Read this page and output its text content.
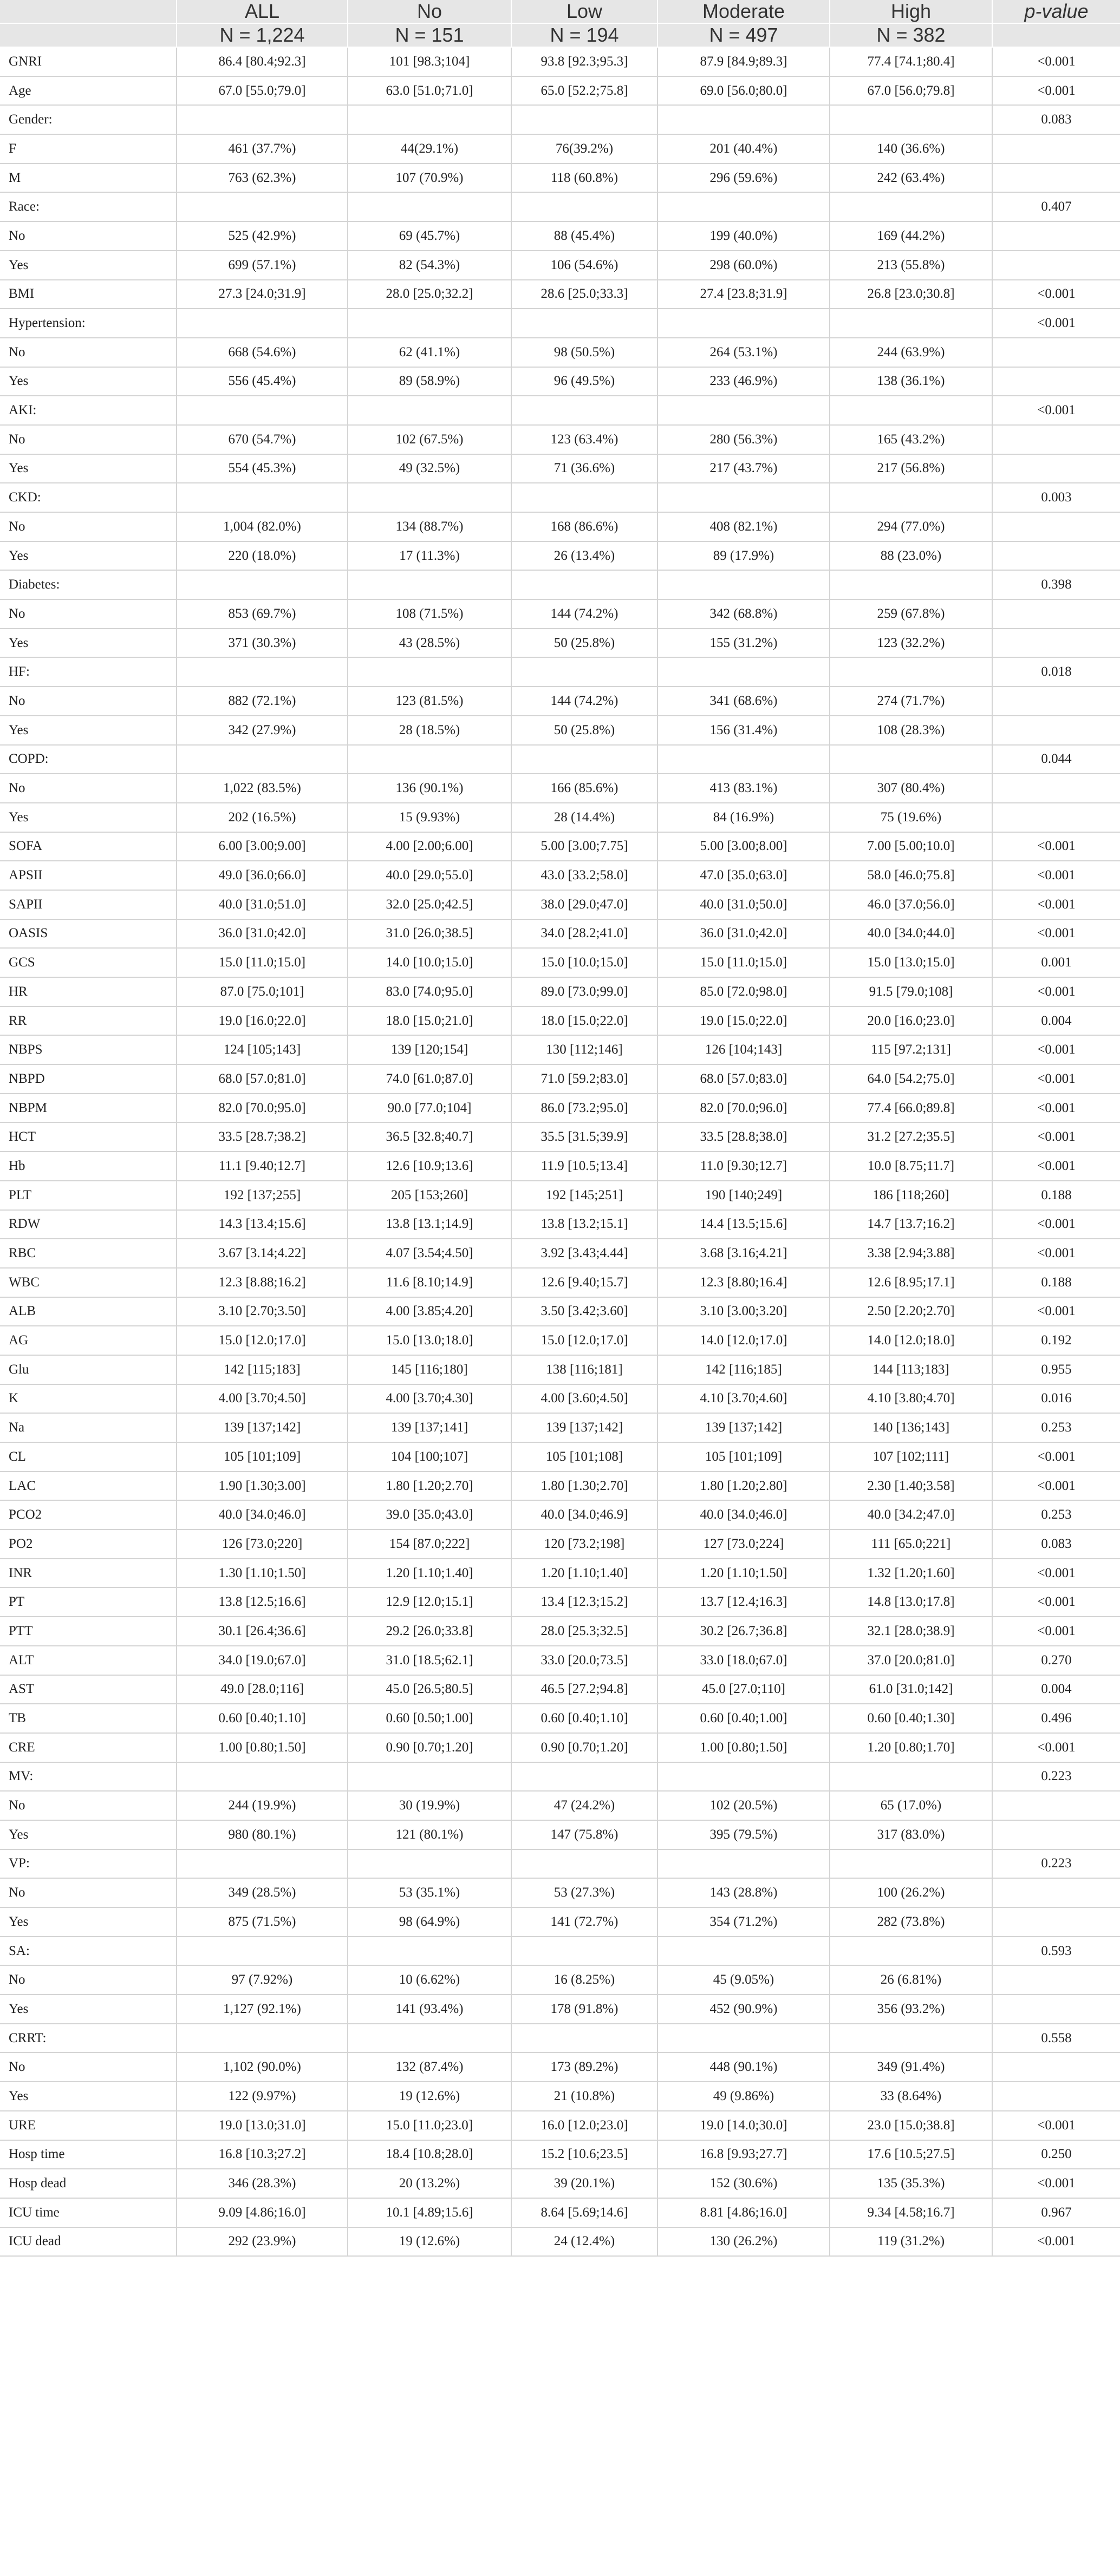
	ALL	No	Low	Moderate	High	p-value
	N = 1,224	N = 151	N = 194	N = 497	N = 382	
GNRI	86.4 [80.4;92.3]	101 [98.3;104]	93.8 [92.3;95.3]	87.9 [84.9;89.3]	77.4 [74.1;80.4]	<0.001
Age	67.0 [55.0;79.0]	63.0 [51.0;71.0]	65.0 [52.2;75.8]	69.0 [56.0;80.0]	67.0 [56.0;79.8]	<0.001
Gender:						0.083
F	461 (37.7%)	44(29.1%)	76(39.2%)	201 (40.4%)	140 (36.6%)	
M	763 (62.3%)	107 (70.9%)	118 (60.8%)	296 (59.6%)	242 (63.4%)	
Race:						0.407
No	525 (42.9%)	69 (45.7%)	88 (45.4%)	199 (40.0%)	169 (44.2%)	
Yes	699 (57.1%)	82 (54.3%)	106 (54.6%)	298 (60.0%)	213 (55.8%)	
BMI	27.3 [24.0;31.9]	28.0 [25.0;32.2]	28.6 [25.0;33.3]	27.4 [23.8;31.9]	26.8 [23.0;30.8]	<0.001
Hypertension:						<0.001
No	668 (54.6%)	62 (41.1%)	98 (50.5%)	264 (53.1%)	244 (63.9%)	
Yes	556 (45.4%)	89 (58.9%)	96 (49.5%)	233 (46.9%)	138 (36.1%)	
AKI:						<0.001
No	670 (54.7%)	102 (67.5%)	123 (63.4%)	280 (56.3%)	165 (43.2%)	
Yes	554 (45.3%)	49 (32.5%)	71 (36.6%)	217 (43.7%)	217 (56.8%)	
CKD:						0.003
No	1,004 (82.0%)	134 (88.7%)	168 (86.6%)	408 (82.1%)	294 (77.0%)	
Yes	220 (18.0%)	17 (11.3%)	26 (13.4%)	89 (17.9%)	88 (23.0%)	
Diabetes:						0.398
No	853 (69.7%)	108 (71.5%)	144 (74.2%)	342 (68.8%)	259 (67.8%)	
Yes	371 (30.3%)	43 (28.5%)	50 (25.8%)	155 (31.2%)	123 (32.2%)	
HF:						0.018
No	882 (72.1%)	123 (81.5%)	144 (74.2%)	341 (68.6%)	274 (71.7%)	
Yes	342 (27.9%)	28 (18.5%)	50 (25.8%)	156 (31.4%)	108 (28.3%)	
COPD:						0.044
No	1,022 (83.5%)	136 (90.1%)	166 (85.6%)	413 (83.1%)	307 (80.4%)	
Yes	202 (16.5%)	15 (9.93%)	28 (14.4%)	84 (16.9%)	75 (19.6%)	
SOFA	6.00 [3.00;9.00]	4.00 [2.00;6.00]	5.00 [3.00;7.75]	5.00 [3.00;8.00]	7.00 [5.00;10.0]	<0.001
APSII	49.0 [36.0;66.0]	40.0 [29.0;55.0]	43.0 [33.2;58.0]	47.0 [35.0;63.0]	58.0 [46.0;75.8]	<0.001
SAPII	40.0 [31.0;51.0]	32.0 [25.0;42.5]	38.0 [29.0;47.0]	40.0 [31.0;50.0]	46.0 [37.0;56.0]	<0.001
OASIS	36.0 [31.0;42.0]	31.0 [26.0;38.5]	34.0 [28.2;41.0]	36.0 [31.0;42.0]	40.0 [34.0;44.0]	<0.001
GCS	15.0 [11.0;15.0]	14.0 [10.0;15.0]	15.0 [10.0;15.0]	15.0 [11.0;15.0]	15.0 [13.0;15.0]	0.001
HR	87.0 [75.0;101]	83.0 [74.0;95.0]	89.0 [73.0;99.0]	85.0 [72.0;98.0]	91.5 [79.0;108]	<0.001
RR	19.0 [16.0;22.0]	18.0 [15.0;21.0]	18.0 [15.0;22.0]	19.0 [15.0;22.0]	20.0 [16.0;23.0]	0.004
NBPS	124 [105;143]	139 [120;154]	130 [112;146]	126 [104;143]	115 [97.2;131]	<0.001
NBPD	68.0 [57.0;81.0]	74.0 [61.0;87.0]	71.0 [59.2;83.0]	68.0 [57.0;83.0]	64.0 [54.2;75.0]	<0.001
NBPM	82.0 [70.0;95.0]	90.0 [77.0;104]	86.0 [73.2;95.0]	82.0 [70.0;96.0]	77.4 [66.0;89.8]	<0.001
HCT	33.5 [28.7;38.2]	36.5 [32.8;40.7]	35.5 [31.5;39.9]	33.5 [28.8;38.0]	31.2 [27.2;35.5]	<0.001
Hb	11.1 [9.40;12.7]	12.6 [10.9;13.6]	11.9 [10.5;13.4]	11.0 [9.30;12.7]	10.0 [8.75;11.7]	<0.001
PLT	192 [137;255]	205 [153;260]	192 [145;251]	190 [140;249]	186 [118;260]	0.188
RDW	14.3 [13.4;15.6]	13.8 [13.1;14.9]	13.8 [13.2;15.1]	14.4 [13.5;15.6]	14.7 [13.7;16.2]	<0.001
RBC	3.67 [3.14;4.22]	4.07 [3.54;4.50]	3.92 [3.43;4.44]	3.68 [3.16;4.21]	3.38 [2.94;3.88]	<0.001
WBC	12.3 [8.88;16.2]	11.6 [8.10;14.9]	12.6 [9.40;15.7]	12.3 [8.80;16.4]	12.6 [8.95;17.1]	0.188
ALB	3.10 [2.70;3.50]	4.00 [3.85;4.20]	3.50 [3.42;3.60]	3.10 [3.00;3.20]	2.50 [2.20;2.70]	<0.001
AG	15.0 [12.0;17.0]	15.0 [13.0;18.0]	15.0 [12.0;17.0]	14.0 [12.0;17.0]	14.0 [12.0;18.0]	0.192
Glu	142 [115;183]	145 [116;180]	138 [116;181]	142 [116;185]	144 [113;183]	0.955
K	4.00 [3.70;4.50]	4.00 [3.70;4.30]	4.00 [3.60;4.50]	4.10 [3.70;4.60]	4.10 [3.80;4.70]	0.016
Na	139 [137;142]	139 [137;141]	139 [137;142]	139 [137;142]	140 [136;143]	0.253
CL	105 [101;109]	104 [100;107]	105 [101;108]	105 [101;109]	107 [102;111]	<0.001
LAC	1.90 [1.30;3.00]	1.80 [1.20;2.70]	1.80 [1.30;2.70]	1.80 [1.20;2.80]	2.30 [1.40;3.58]	<0.001
PCO2	40.0 [34.0;46.0]	39.0 [35.0;43.0]	40.0 [34.0;46.9]	40.0 [34.0;46.0]	40.0 [34.2;47.0]	0.253
PO2	126 [73.0;220]	154 [87.0;222]	120 [73.2;198]	127 [73.0;224]	111 [65.0;221]	0.083
INR	1.30 [1.10;1.50]	1.20 [1.10;1.40]	1.20 [1.10;1.40]	1.20 [1.10;1.50]	1.32 [1.20;1.60]	<0.001
PT	13.8 [12.5;16.6]	12.9 [12.0;15.1]	13.4 [12.3;15.2]	13.7 [12.4;16.3]	14.8 [13.0;17.8]	<0.001
PTT	30.1 [26.4;36.6]	29.2 [26.0;33.8]	28.0 [25.3;32.5]	30.2 [26.7;36.8]	32.1 [28.0;38.9]	<0.001
ALT	34.0 [19.0;67.0]	31.0 [18.5;62.1]	33.0 [20.0;73.5]	33.0 [18.0;67.0]	37.0 [20.0;81.0]	0.270
AST	49.0 [28.0;116]	45.0 [26.5;80.5]	46.5 [27.2;94.8]	45.0 [27.0;110]	61.0 [31.0;142]	0.004
TB	0.60 [0.40;1.10]	0.60 [0.50;1.00]	0.60 [0.40;1.10]	0.60 [0.40;1.00]	0.60 [0.40;1.30]	0.496
CRE	1.00 [0.80;1.50]	0.90 [0.70;1.20]	0.90 [0.70;1.20]	1.00 [0.80;1.50]	1.20 [0.80;1.70]	<0.001
MV:						0.223
No	244 (19.9%)	30 (19.9%)	47 (24.2%)	102 (20.5%)	65 (17.0%)	
Yes	980 (80.1%)	121 (80.1%)	147 (75.8%)	395 (79.5%)	317 (83.0%)	
VP:						0.223
No	349 (28.5%)	53 (35.1%)	53 (27.3%)	143 (28.8%)	100 (26.2%)	
Yes	875 (71.5%)	98 (64.9%)	141 (72.7%)	354 (71.2%)	282 (73.8%)	
SA:						0.593
No	97 (7.92%)	10 (6.62%)	16 (8.25%)	45 (9.05%)	26 (6.81%)	
Yes	1,127 (92.1%)	141 (93.4%)	178 (91.8%)	452 (90.9%)	356 (93.2%)	
CRRT:						0.558
No	1,102 (90.0%)	132 (87.4%)	173 (89.2%)	448 (90.1%)	349 (91.4%)	
Yes	122 (9.97%)	19 (12.6%)	21 (10.8%)	49 (9.86%)	33 (8.64%)	
URE	19.0 [13.0;31.0]	15.0 [11.0;23.0]	16.0 [12.0;23.0]	19.0 [14.0;30.0]	23.0 [15.0;38.8]	<0.001
Hosp time	16.8 [10.3;27.2]	18.4 [10.8;28.0]	15.2 [10.6;23.5]	16.8 [9.93;27.7]	17.6 [10.5;27.5]	0.250
Hosp dead	346 (28.3%)	20 (13.2%)	39 (20.1%)	152 (30.6%)	135 (35.3%)	<0.001
ICU time	9.09 [4.86;16.0]	10.1 [4.89;15.6]	8.64 [5.69;14.6]	8.81 [4.86;16.0]	9.34 [4.58;16.7]	0.967
ICU dead	292 (23.9%)	19 (12.6%)	24 (12.4%)	130 (26.2%)	119 (31.2%)	<0.001
